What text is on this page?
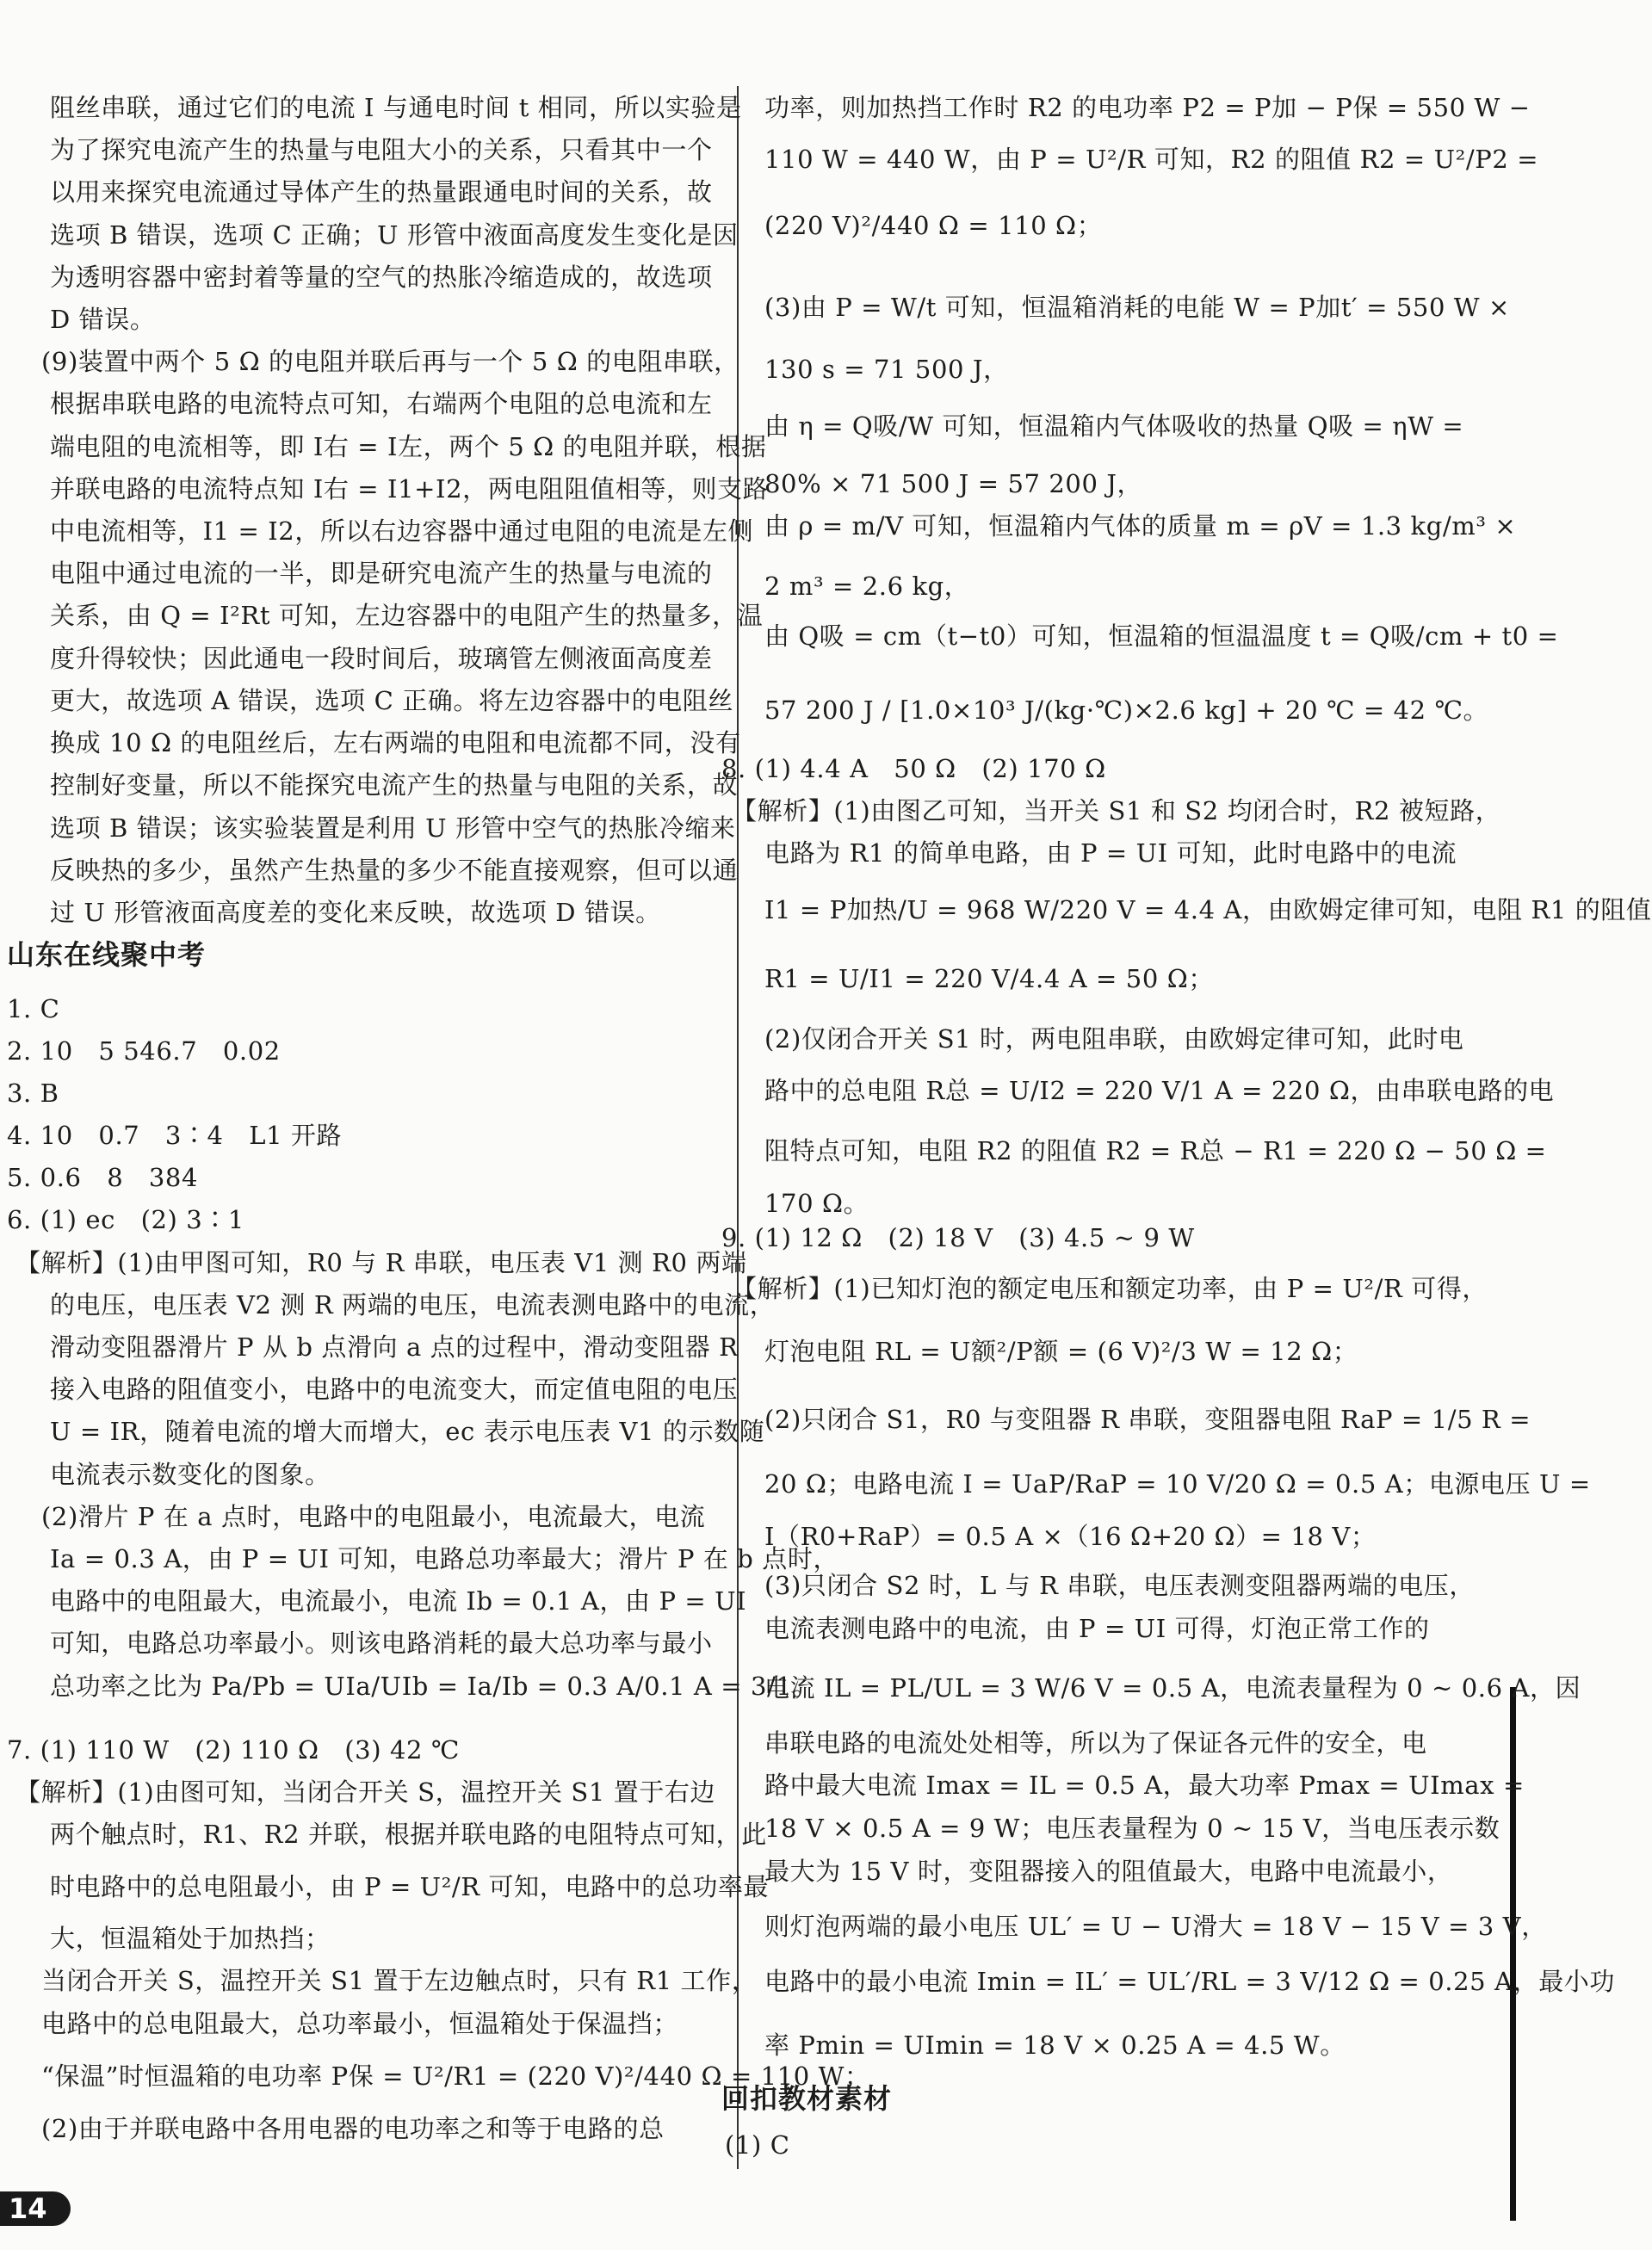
阻丝串联，通过它们的电流 I 与通电时间 t 相同，所以实验是
为了探究电流产生的热量与电阻大小的关系，只看其中一个
以用来探究电流通过导体产生的热量跟通电时间的关系，故
选项 B 错误，选项 C 正确；U 形管中液面高度发生变化是因
为透明容器中密封着等量的空气的热胀冷缩造成的，故选项
D 错误。
(9)装置中两个 5 Ω 的电阻并联后再与一个 5 Ω 的电阻串联，
根据串联电路的电流特点可知，右端两个电阻的总电流和左
端电阻的电流相等，即 I右 = I左，两个 5 Ω 的电阻并联，根据
并联电路的电流特点知 I右 = I1+I2，两电阻阻值相等，则支路
中电流相等，I1 = I2，所以右边容器中通过电阻的电流是左侧
电阻中通过电流的一半，即是研究电流产生的热量与电流的
关系，由 Q = I²Rt 可知，左边容器中的电阻产生的热量多，温
度升得较快；因此通电一段时间后，玻璃管左侧液面高度差
更大，故选项 A 错误，选项 C 正确。将左边容器中的电阻丝
换成 10 Ω 的电阻丝后，左右两端的电阻和电流都不同，没有
控制好变量，所以不能探究电流产生的热量与电阻的关系，故
选项 B 错误；该实验装置是利用 U 形管中空气的热胀冷缩来
反映热的多少，虽然产生热量的多少不能直接观察，但可以通
过 U 形管液面高度差的变化来反映，故选项 D 错误。
山东在线聚中考
1. C
2. 10　5 546.7　0.02
3. B
4. 10　0.7　3∶4　L1 开路
5. 0.6　8　384
6. (1) ec　(2) 3∶1
【解析】(1)由甲图可知，R0 与 R 串联，电压表 V1 测 R0 两端
的电压，电压表 V2 测 R 两端的电压，电流表测电路中的电流，
滑动变阻器滑片 P 从 b 点滑向 a 点的过程中，滑动变阻器 R
接入电路的阻值变小，电路中的电流变大，而定值电阻的电压
U = IR，随着电流的增大而增大，ec 表示电压表 V1 的示数随
电流表示数变化的图象。
(2)滑片 P 在 a 点时，电路中的电阻最小，电流最大，电流
Ia = 0.3 A，由 P = UI 可知，电路总功率最大；滑片 P 在 b 点时，
电路中的电阻最大，电流最小，电流 Ib = 0.1 A，由 P = UI
可知，电路总功率最小。则该电路消耗的最大总功率与最小
总功率之比为 Pa/Pb = UIa/UIb = Ia/Ib = 0.3 A/0.1 A = 3/1。
7. (1) 110 W　(2) 110 Ω　(3) 42 ℃
【解析】(1)由图可知，当闭合开关 S，温控开关 S1 置于右边
两个触点时，R1、R2 并联，根据并联电路的电阻特点可知，此
时电路中的总电阻最小，由 P = U²/R 可知，电路中的总功率最
大，恒温箱处于加热挡；
当闭合开关 S，温控开关 S1 置于左边触点时，只有 R1 工作，
电路中的总电阻最大，总功率最小，恒温箱处于保温挡；
“保温”时恒温箱的电功率 P保 = U²/R1 = (220 V)²/440 Ω = 110 W；
(2)由于并联电路中各用电器的电功率之和等于电路的总
功率，则加热挡工作时 R2 的电功率 P2 = P加 − P保 = 550 W −
110 W = 440 W，由 P = U²/R 可知，R2 的阻值 R2 = U²/P2 =
(220 V)²/440 Ω = 110 Ω；
(3)由 P = W/t 可知，恒温箱消耗的电能 W = P加t′ = 550 W ×
130 s = 71 500 J，
由 η = Q吸/W 可知，恒温箱内气体吸收的热量 Q吸 = ηW =
80% × 71 500 J = 57 200 J，
由 ρ = m/V 可知，恒温箱内气体的质量 m = ρV = 1.3 kg/m³ ×
2 m³ = 2.6 kg，
由 Q吸 = cm（t−t0）可知，恒温箱的恒温温度 t = Q吸/cm + t0 =
57 200 J / [1.0×10³ J/(kg·℃)×2.6 kg] + 20 ℃ = 42 ℃。
8. (1) 4.4 A　50 Ω　(2) 170 Ω
【解析】(1)由图乙可知，当开关 S1 和 S2 均闭合时，R2 被短路，
电路为 R1 的简单电路，由 P = UI 可知，此时电路中的电流
I1 = P加热/U = 968 W/220 V = 4.4 A，由欧姆定律可知，电阻 R1 的阻值
R1 = U/I1 = 220 V/4.4 A = 50 Ω；
(2)仅闭合开关 S1 时，两电阻串联，由欧姆定律可知，此时电
路中的总电阻 R总 = U/I2 = 220 V/1 A = 220 Ω，由串联电路的电
阻特点可知，电阻 R2 的阻值 R2 = R总 − R1 = 220 Ω − 50 Ω =
170 Ω。
9. (1) 12 Ω　(2) 18 V　(3) 4.5 ~ 9 W
【解析】(1)已知灯泡的额定电压和额定功率，由 P = U²/R 可得，
灯泡电阻 RL = U额²/P额 = (6 V)²/3 W = 12 Ω；
(2)只闭合 S1，R0 与变阻器 R 串联，变阻器电阻 RaP = 1/5 R =
20 Ω；电路电流 I = UaP/RaP = 10 V/20 Ω = 0.5 A；电源电压 U =
I（R0+RaP）= 0.5 A ×（16 Ω+20 Ω）= 18 V；
(3)只闭合 S2 时，L 与 R 串联，电压表测变阻器两端的电压，
电流表测电路中的电流，由 P = UI 可得，灯泡正常工作的
电流 IL = PL/UL = 3 W/6 V = 0.5 A，电流表量程为 0 ~ 0.6 A，因
串联电路的电流处处相等，所以为了保证各元件的安全，电
路中最大电流 Imax = IL = 0.5 A，最大功率 Pmax = UImax =
18 V × 0.5 A = 9 W；电压表量程为 0 ~ 15 V，当电压表示数
最大为 15 V 时，变阻器接入的阻值最大，电路中电流最小，
则灯泡两端的最小电压 UL′ = U − U滑大 = 18 V − 15 V = 3 V，
电路中的最小电流 Imin = IL′ = UL′/RL = 3 V/12 Ω = 0.25 A，最小功
率 Pmin = UImin = 18 V × 0.25 A = 4.5 W。
回扣教材素材
(1) C
14
